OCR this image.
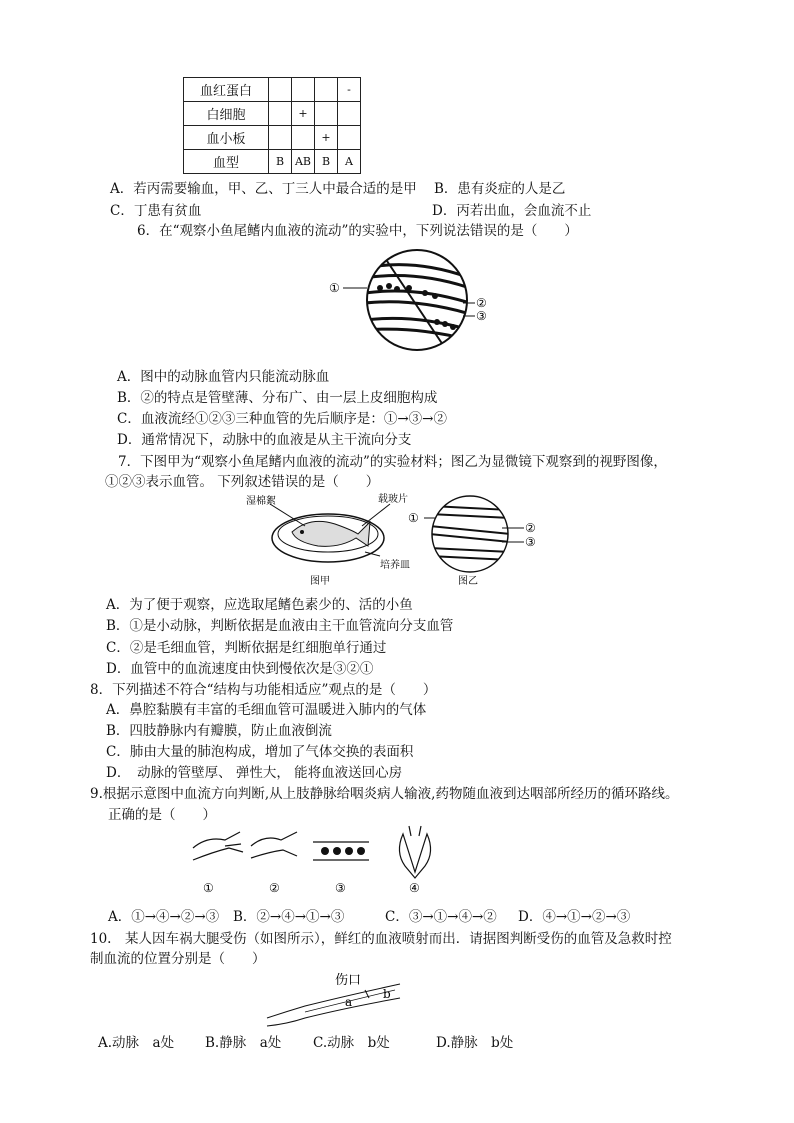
血红蛋白				-
白细胞		+		
血小板			+	
血型	B	AB	B	A
A．若丙需要输血，甲、乙、丁三人中最合适的是甲 B．患有炎症的人是乙
C．丁患有贫血	D．丙若出血，会血流不止
6．在“观察小鱼尾鳍内血液的流动”的实验中，下列说法错误的是（　　）
①
②
③
A．图中的动脉血管内只能流动脉血
B．②的特点是管壁薄、分布广、由一层上皮细胞构成
C．血液流经①②③三种血管的先后顺序是：①→③→②
D．通常情况下，动脉中的血液是从主干流向分支
7．下图甲为“观察小鱼尾鳍内血液的流动”的实验材料；图乙为显微镜下观察到的视野图像，
①②③表示血管。 下列叙述错误的是（　　）
湿棉絮	载玻片
培养皿
图甲
①
②
③
图乙
A．为了便于观察，应选取尾鳍色素少的、活的小鱼
B．①是小动脉，判断依据是血液由主干血管流向分支血管
C．②是毛细血管，判断依据是红细胞单行通过
D．血管中的血流速度由快到慢依次是③②①
8．下列描述不符合“结构与功能相适应”观点的是（　　）
A．鼻腔黏膜有丰富的毛细血管可温暖进入肺内的气体
B．四肢静脉内有瓣膜，防止血液倒流
C．肺由大量的肺泡构成，增加了气体交换的表面积
D．　动脉的管壁厚、 弹性大， 能将血液送回心房
9.根据示意图中血流方向判断,从上肢静脉给咽炎病人输液,药物随血液到达咽部所经历的循环路线。
正确的是（　　）
①	②	③	④
A．①→④→②→③ B．②→④→①→③	C．③→①→④→② D．④→①→②→③
10.　某人因车祸大腿受伤（如图所示），鲜红的血液喷射而出．请据图判断受伤的血管及急救时控
制血流的位置分别是（　　）
伤口
a
b
A.动脉　a处 B.静脉　a处 C.动脉　b处	D.静脉　b处
